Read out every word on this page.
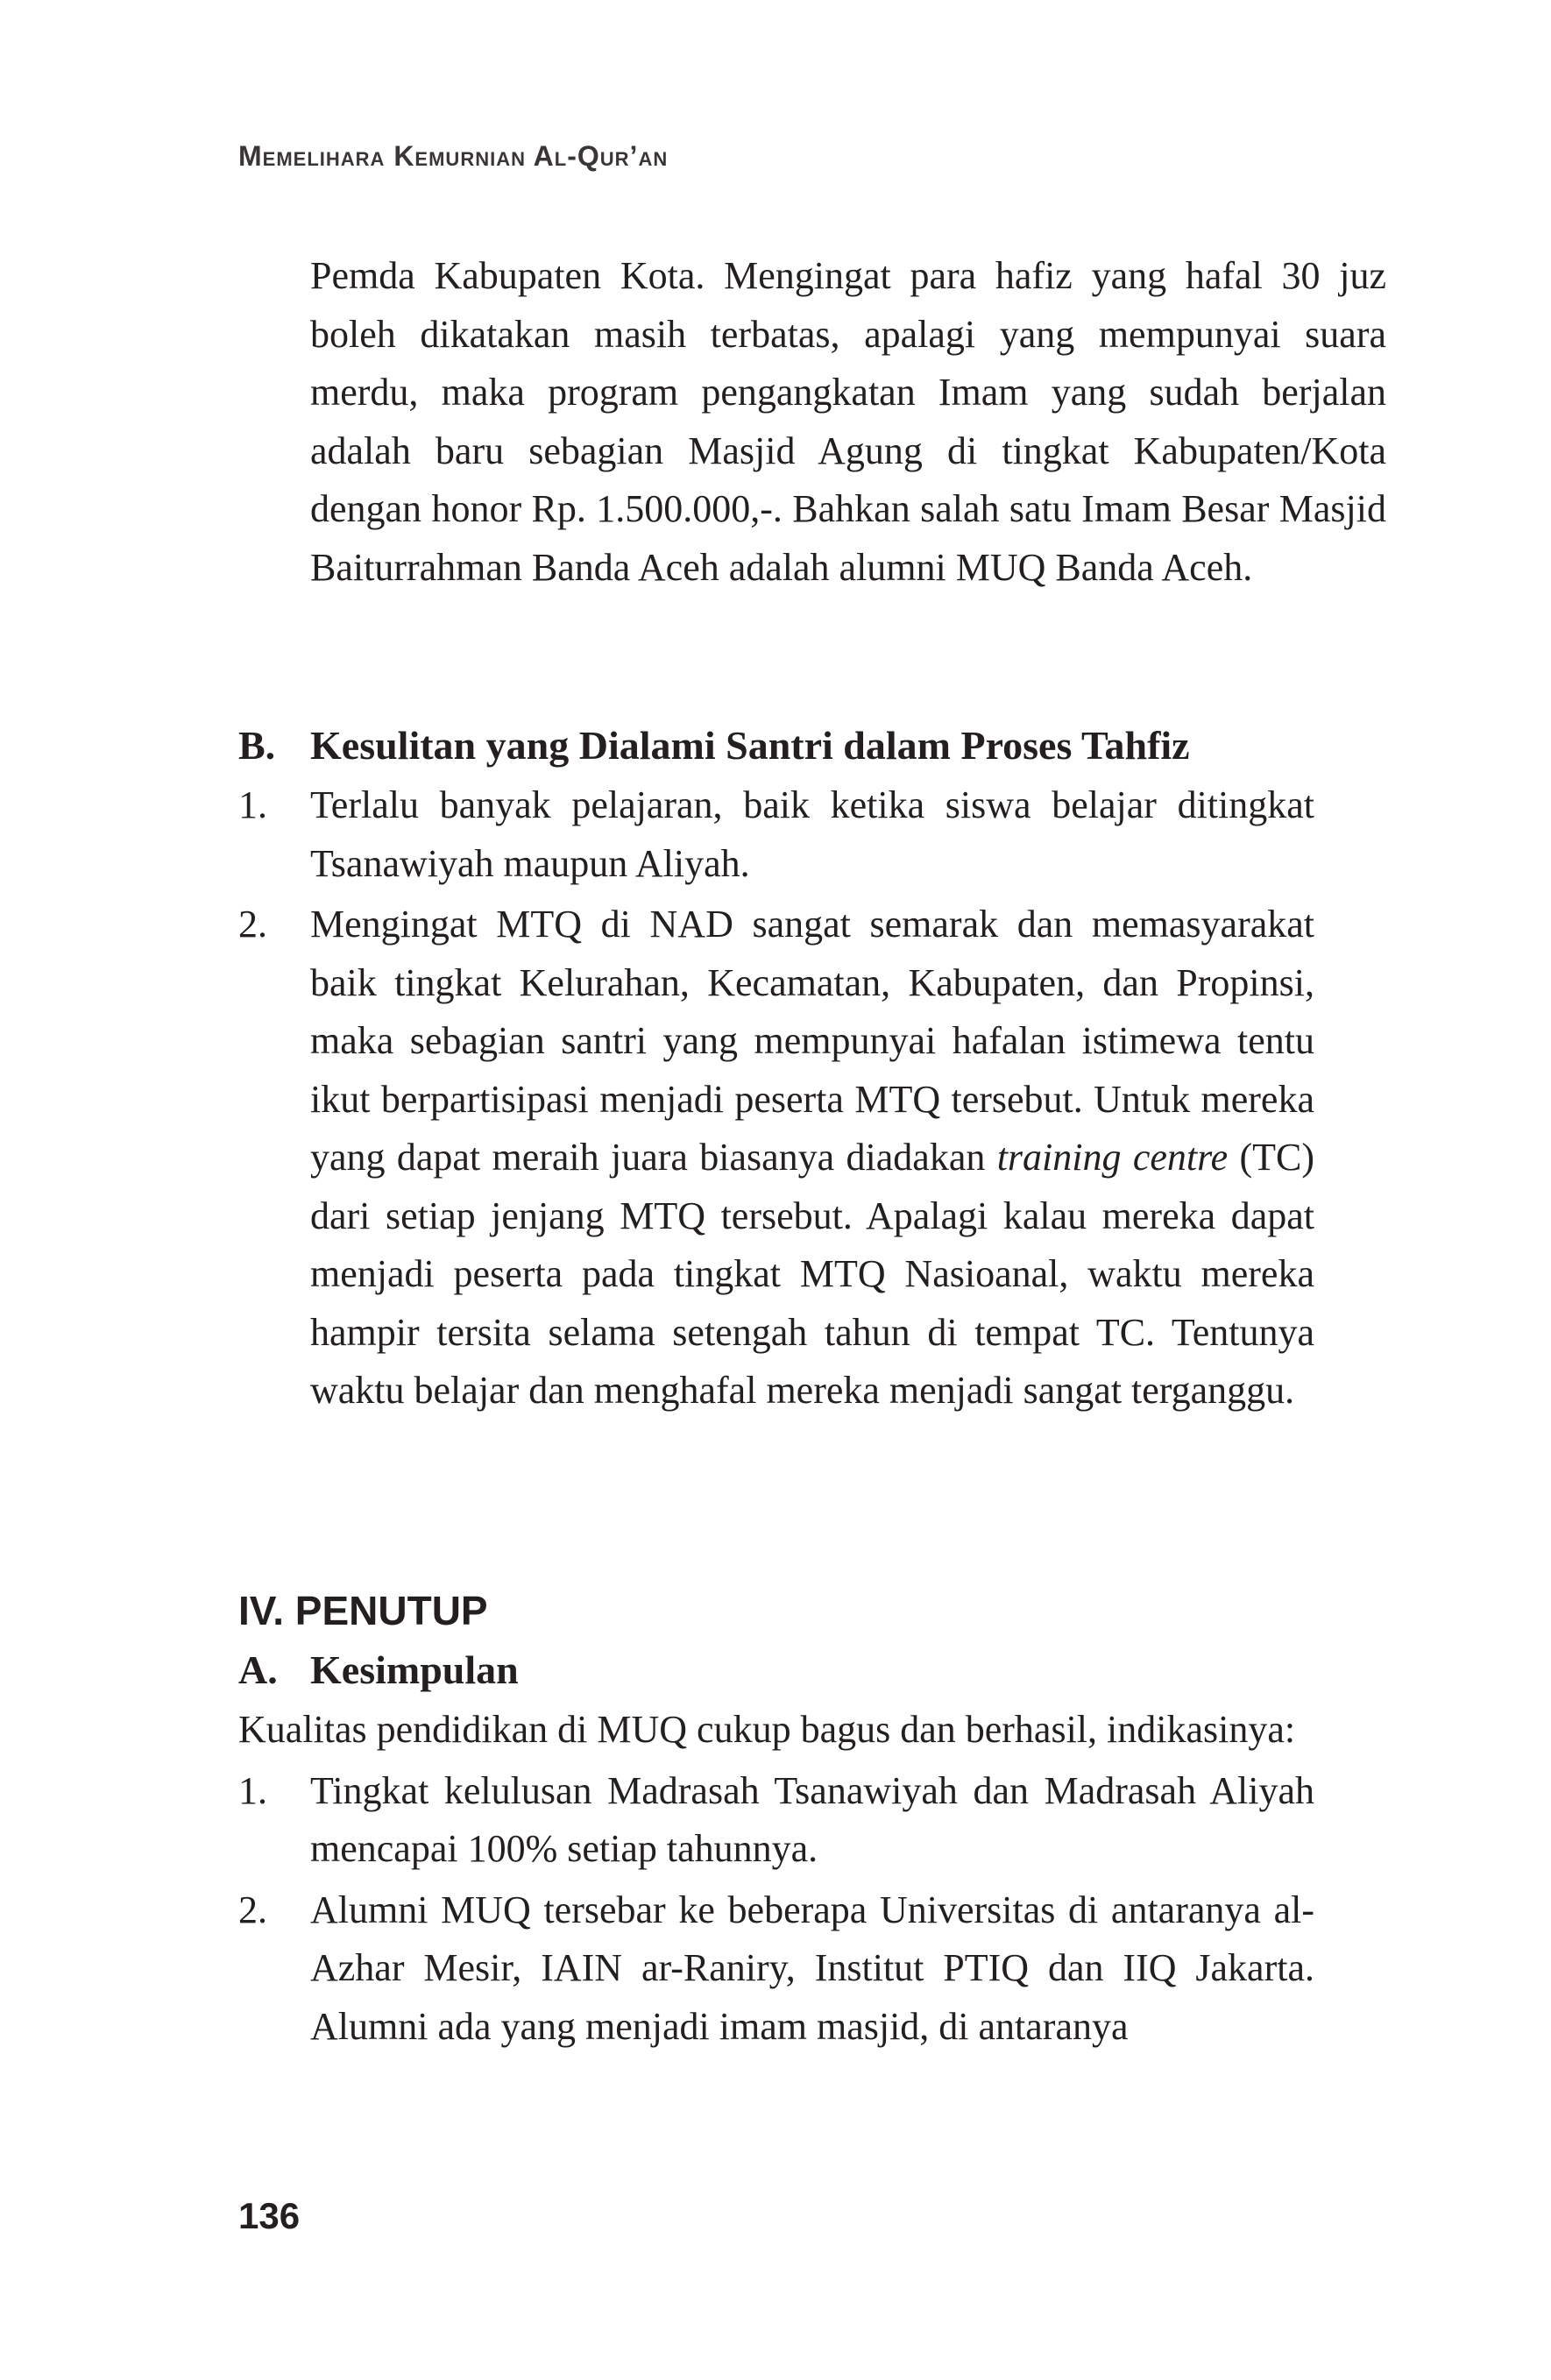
Memelihara Kemurnian Al-Qur’an

Pemda Kabupaten Kota. Mengingat para hafiz yang hafal 30 juz boleh dikatakan masih terbatas, apalagi yang mempunyai suara merdu, maka program pengangkatan Imam yang sudah berjalan adalah baru sebagian Masjid Agung di tingkat Kabupaten/Kota dengan honor Rp. 1.500.000,-. Bahkan salah satu Imam Besar Masjid Baiturrahman Banda Aceh adalah alumni MUQ Banda Aceh.

B. Kesulitan yang Dialami Santri dalam Proses Tahfiz
1.	Terlalu banyak pelajaran, baik ketika siswa belajar ditingkat Tsanawiyah maupun Aliyah.
2.	Mengingat MTQ di NAD sangat semarak dan memasyarakat baik tingkat Kelurahan, Kecamatan, Kabupaten, dan Propinsi, maka sebagian santri yang mempunyai hafalan istimewa tentu ikut berpartisipasi menjadi peserta MTQ tersebut. Untuk mereka yang dapat meraih juara biasanya diadakan training centre (TC) dari setiap jenjang MTQ tersebut. Apalagi kalau mereka dapat menjadi peserta pada tingkat MTQ Nasioanal, waktu mereka hampir tersita selama setengah tahun di tempat TC. Tentunya waktu belajar dan menghafal mereka menjadi sangat terganggu.
IV. PENUTUP
A. Kesimpulan

Kualitas pendidikan di MUQ cukup bagus dan berhasil, indikasinya:

1.	Tingkat kelulusan Madrasah Tsanawiyah dan Madrasah Aliyah mencapai 100% setiap tahunnya.
2.	Alumni MUQ tersebar ke beberapa Universitas di antaranya al-Azhar Mesir, IAIN ar-Raniry, Institut PTIQ dan IIQ Jakarta. Alumni ada yang menjadi imam masjid, di antaranya
136
